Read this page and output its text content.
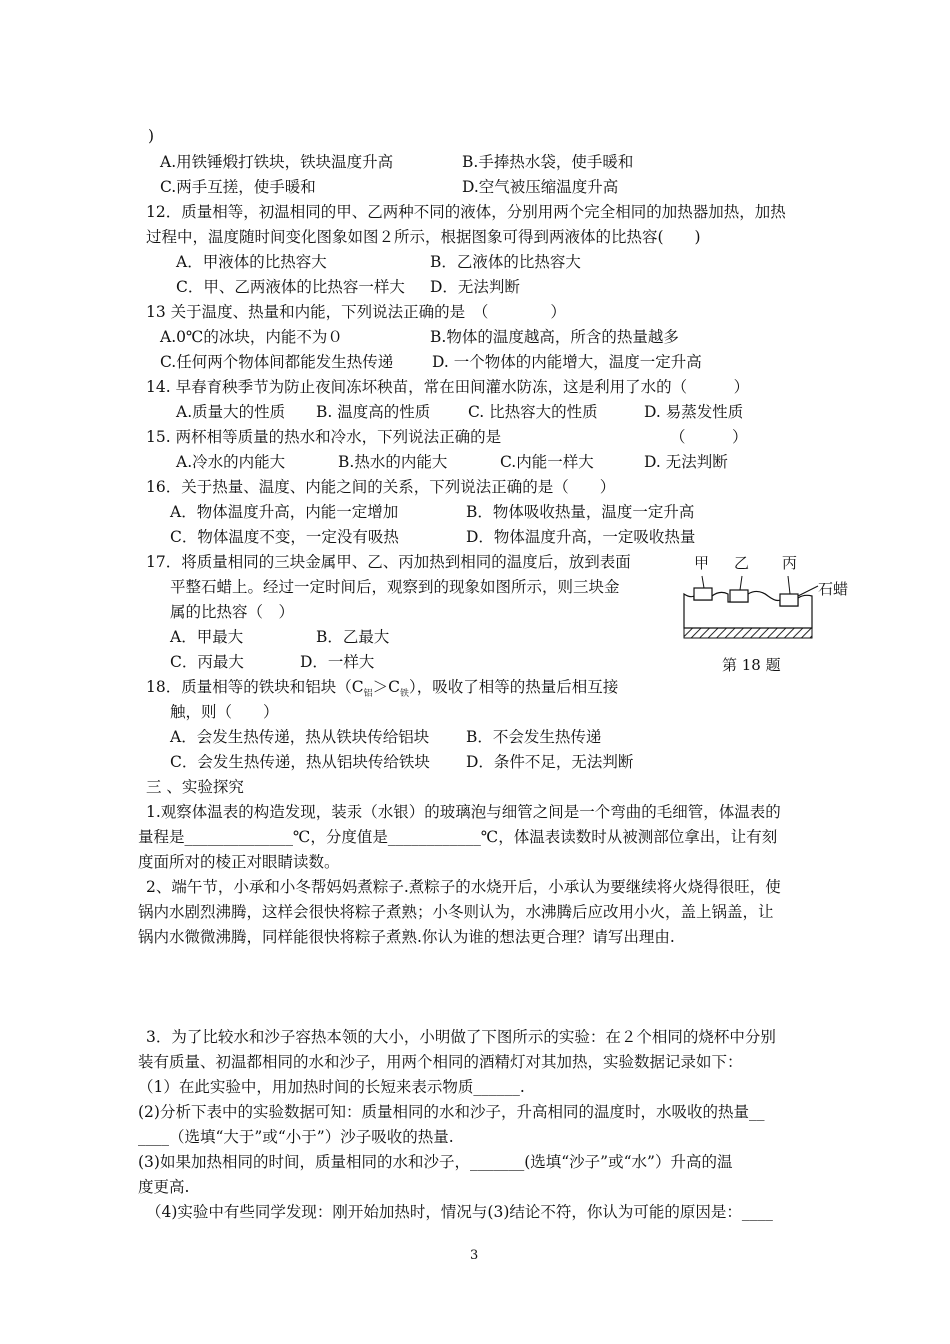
)
A.用铁锤煅打铁块，铁块温度升高	B.手捧热水袋，使手暖和
C.两手互搓，使手暖和	D.空气被压缩温度升高
12．质量相等，初温相同的甲、乙两种不同的液体，分别用两个完全相同的加热器加热，加热
过程中，温度随时间变化图象如图２所示，根据图象可得到两液体的比热容(　　)
A．甲液体的比热容大	B．乙液体的比热容大
C．甲、乙两液体的比热容一样大 D．无法判断
13 关于温度、热量和内能，下列说法正确的是　（　　　　）
A.0℃的冰块，内能不为０	B.物体的温度越高，所含的热量越多
C.任何两个物体间都能发生热传递	D. 一个物体的内能增大，温度一定升高
14. 早春育秧季节为防止夜间冻坏秧苗，常在田间灌水防冻，这是利用了水的（　　　）
A.质量大的性质 B. 温度高的性质 C. 比热容大的性质	D. 易蒸发性质
15. 两杯相等质量的热水和冷水，下列说法正确的是	（　　　）
A.冷水的内能大	B.热水的内能大	C.内能一样大	D. 无法判断
16．关于热量、温度、内能之间的关系，下列说法正确的是（　　）
A．物体温度升高，内能一定增加	B．物体吸收热量，温度一定升高
C．物体温度不变，一定没有吸热	D．物体温度升高，一定吸收热量
17．将质量相同的三块金属甲、乙、丙加热到相同的温度后，放到表面
平整石蜡上。经过一定时间后，观察到的现象如图所示，则三块金
属的比热容（　）
A．甲最大	B．乙最大
C．丙最大	D．一样大
18．质量相等的铁块和铝块$(C_铝>C_铁)$，吸收了相等的热量后相互接
触，则（　　）
A．会发生热传递，热从铁块传给铝块 B．不会发生热传递
C．会发生热传递，热从铝块传给铁块 D．条件不足，无法判断
三 、实验探究
1.观察体温表的构造发现，装汞（水银）的玻璃泡与细管之间是一个弯曲的毛细管，体温表的
量程是______________℃，分度值是____________℃，体温表读数时从被测部位拿出，让有刻
度面所对的棱正对眼睛读数。
2、端午节，小承和小冬帮妈妈煮粽子.煮粽子的水烧开后，小承认为要继续将火烧得很旺，使
锅内水剧烈沸腾，这样会很快将粽子煮熟；小冬则认为，水沸腾后应改用小火，盖上锅盖，让
锅内水微微沸腾，同样能很快将粽子煮熟.你认为谁的想法更合理？请写出理由.
3．为了比较水和沙子容热本领的大小，小明做了下图所示的实验：在２个相同的烧杯中分别
装有质量、初温都相同的水和沙子，用两个相同的酒精灯对其加热，实验数据记录如下：
（1）在此实验中，用加热时间的长短来表示物质______.
(2)分析下表中的实验数据可知：质量相同的水和沙子，升高相同的温度时，水吸收的热量__
____（选填“大于”或“小于”）沙子吸收的热量.
(3)如果加热相同的时间，质量相同的水和沙子，_______(选填“沙子”或“水”）升高的温
度更高.
（4)实验中有些同学发现：刚开始加热时，情况与(3)结论不符，你认为可能的原因是：____
甲 乙 丙
石蜡
第 18 题
3
